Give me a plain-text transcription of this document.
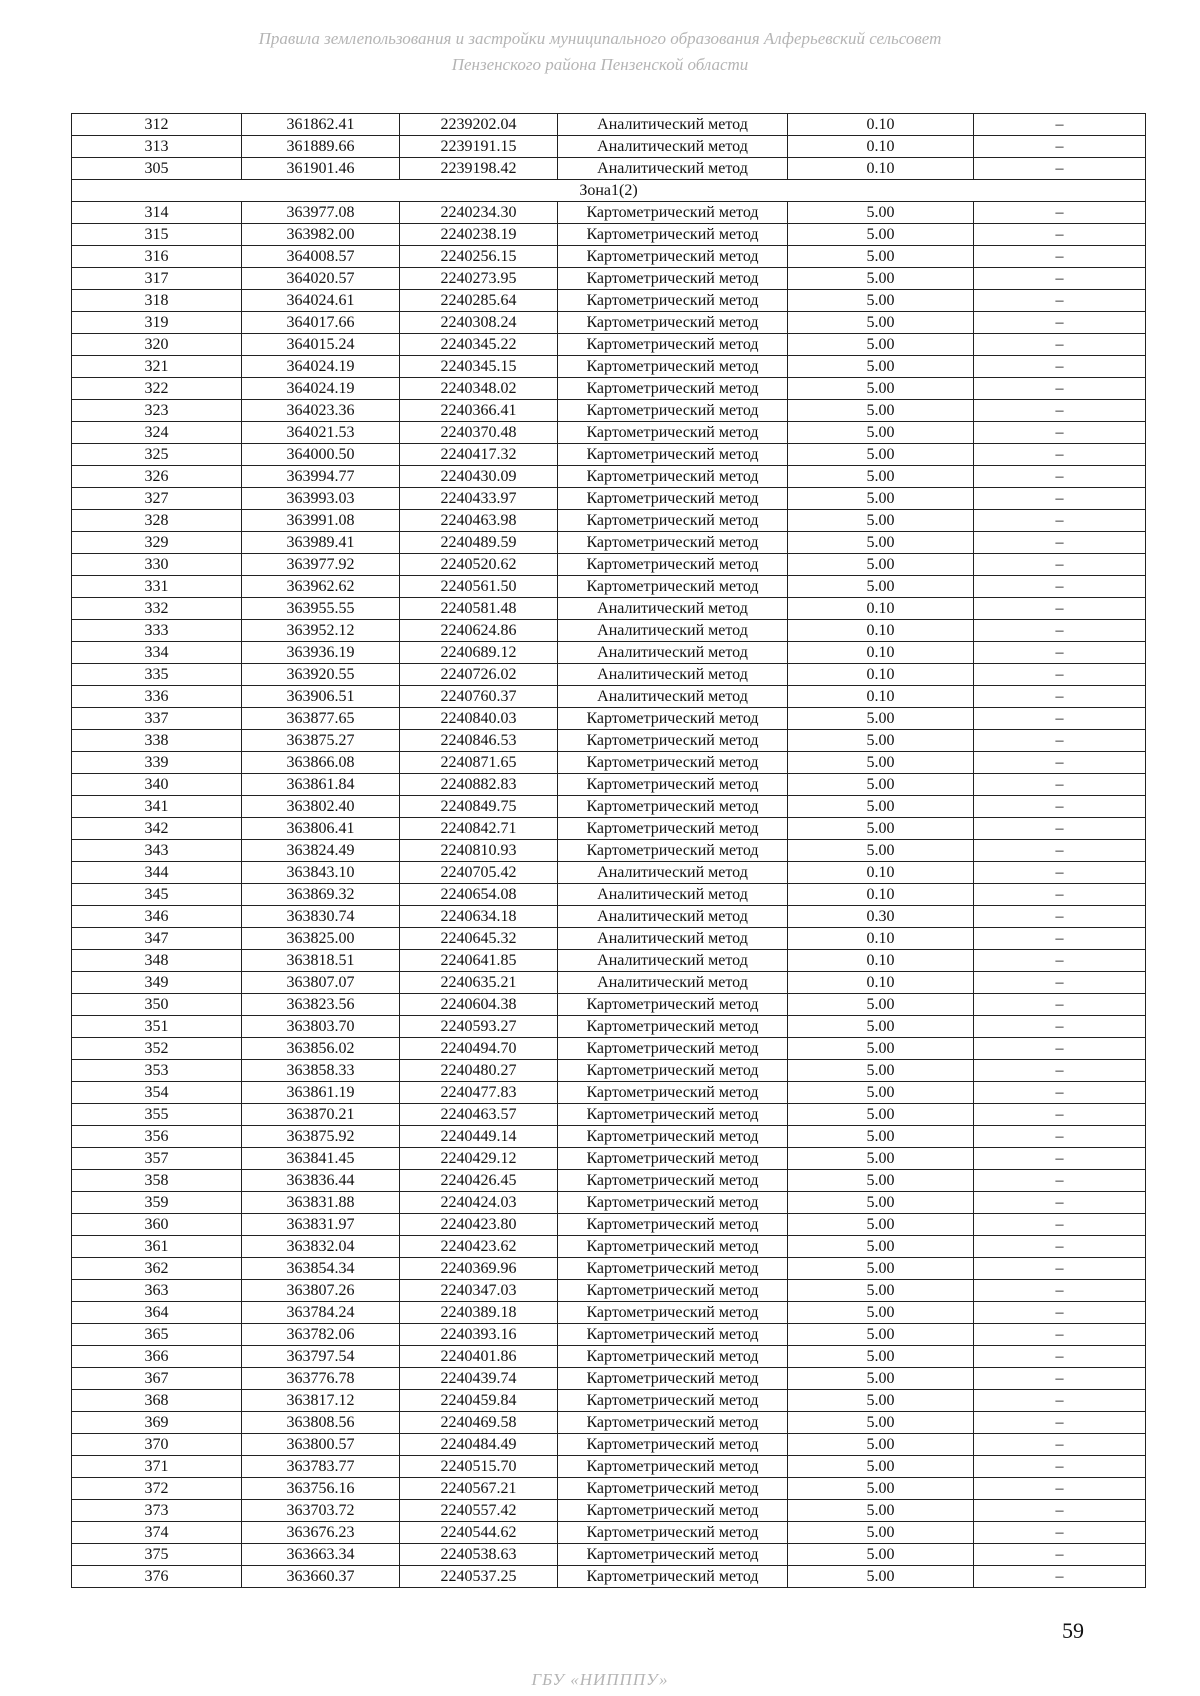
Правила землепользования и застройки муниципального образования Алферьевский сельсовет
Пензенского района Пензенской области
312	361862.41	2239202.04	Аналитический метод	0.10	–
313	361889.66	2239191.15	Аналитический метод	0.10	–
305	361901.46	2239198.42	Аналитический метод	0.10	–
Зона1(2)					
314	363977.08	2240234.30	Картометрический метод	5.00	–
315	363982.00	2240238.19	Картометрический метод	5.00	–
316	364008.57	2240256.15	Картометрический метод	5.00	–
317	364020.57	2240273.95	Картометрический метод	5.00	–
318	364024.61	2240285.64	Картометрический метод	5.00	–
319	364017.66	2240308.24	Картометрический метод	5.00	–
320	364015.24	2240345.22	Картометрический метод	5.00	–
321	364024.19	2240345.15	Картометрический метод	5.00	–
322	364024.19	2240348.02	Картометрический метод	5.00	–
323	364023.36	2240366.41	Картометрический метод	5.00	–
324	364021.53	2240370.48	Картометрический метод	5.00	–
325	364000.50	2240417.32	Картометрический метод	5.00	–
326	363994.77	2240430.09	Картометрический метод	5.00	–
327	363993.03	2240433.97	Картометрический метод	5.00	–
328	363991.08	2240463.98	Картометрический метод	5.00	–
329	363989.41	2240489.59	Картометрический метод	5.00	–
330	363977.92	2240520.62	Картометрический метод	5.00	–
331	363962.62	2240561.50	Картометрический метод	5.00	–
332	363955.55	2240581.48	Аналитический метод	0.10	–
333	363952.12	2240624.86	Аналитический метод	0.10	–
334	363936.19	2240689.12	Аналитический метод	0.10	–
335	363920.55	2240726.02	Аналитический метод	0.10	–
336	363906.51	2240760.37	Аналитический метод	0.10	–
337	363877.65	2240840.03	Картометрический метод	5.00	–
338	363875.27	2240846.53	Картометрический метод	5.00	–
339	363866.08	2240871.65	Картометрический метод	5.00	–
340	363861.84	2240882.83	Картометрический метод	5.00	–
341	363802.40	2240849.75	Картометрический метод	5.00	–
342	363806.41	2240842.71	Картометрический метод	5.00	–
343	363824.49	2240810.93	Картометрический метод	5.00	–
344	363843.10	2240705.42	Аналитический метод	0.10	–
345	363869.32	2240654.08	Аналитический метод	0.10	–
346	363830.74	2240634.18	Аналитический метод	0.30	–
347	363825.00	2240645.32	Аналитический метод	0.10	–
348	363818.51	2240641.85	Аналитический метод	0.10	–
349	363807.07	2240635.21	Аналитический метод	0.10	–
350	363823.56	2240604.38	Картометрический метод	5.00	–
351	363803.70	2240593.27	Картометрический метод	5.00	–
352	363856.02	2240494.70	Картометрический метод	5.00	–
353	363858.33	2240480.27	Картометрический метод	5.00	–
354	363861.19	2240477.83	Картометрический метод	5.00	–
355	363870.21	2240463.57	Картометрический метод	5.00	–
356	363875.92	2240449.14	Картометрический метод	5.00	–
357	363841.45	2240429.12	Картометрический метод	5.00	–
358	363836.44	2240426.45	Картометрический метод	5.00	–
359	363831.88	2240424.03	Картометрический метод	5.00	–
360	363831.97	2240423.80	Картометрический метод	5.00	–
361	363832.04	2240423.62	Картометрический метод	5.00	–
362	363854.34	2240369.96	Картометрический метод	5.00	–
363	363807.26	2240347.03	Картометрический метод	5.00	–
364	363784.24	2240389.18	Картометрический метод	5.00	–
365	363782.06	2240393.16	Картометрический метод	5.00	–
366	363797.54	2240401.86	Картометрический метод	5.00	–
367	363776.78	2240439.74	Картометрический метод	5.00	–
368	363817.12	2240459.84	Картометрический метод	5.00	–
369	363808.56	2240469.58	Картометрический метод	5.00	–
370	363800.57	2240484.49	Картометрический метод	5.00	–
371	363783.77	2240515.70	Картометрический метод	5.00	–
372	363756.16	2240567.21	Картометрический метод	5.00	–
373	363703.72	2240557.42	Картометрический метод	5.00	–
374	363676.23	2240544.62	Картометрический метод	5.00	–
375	363663.34	2240538.63	Картометрический метод	5.00	–
376	363660.37	2240537.25	Картометрический метод	5.00	–
59
ГБУ «НИПППУ»
